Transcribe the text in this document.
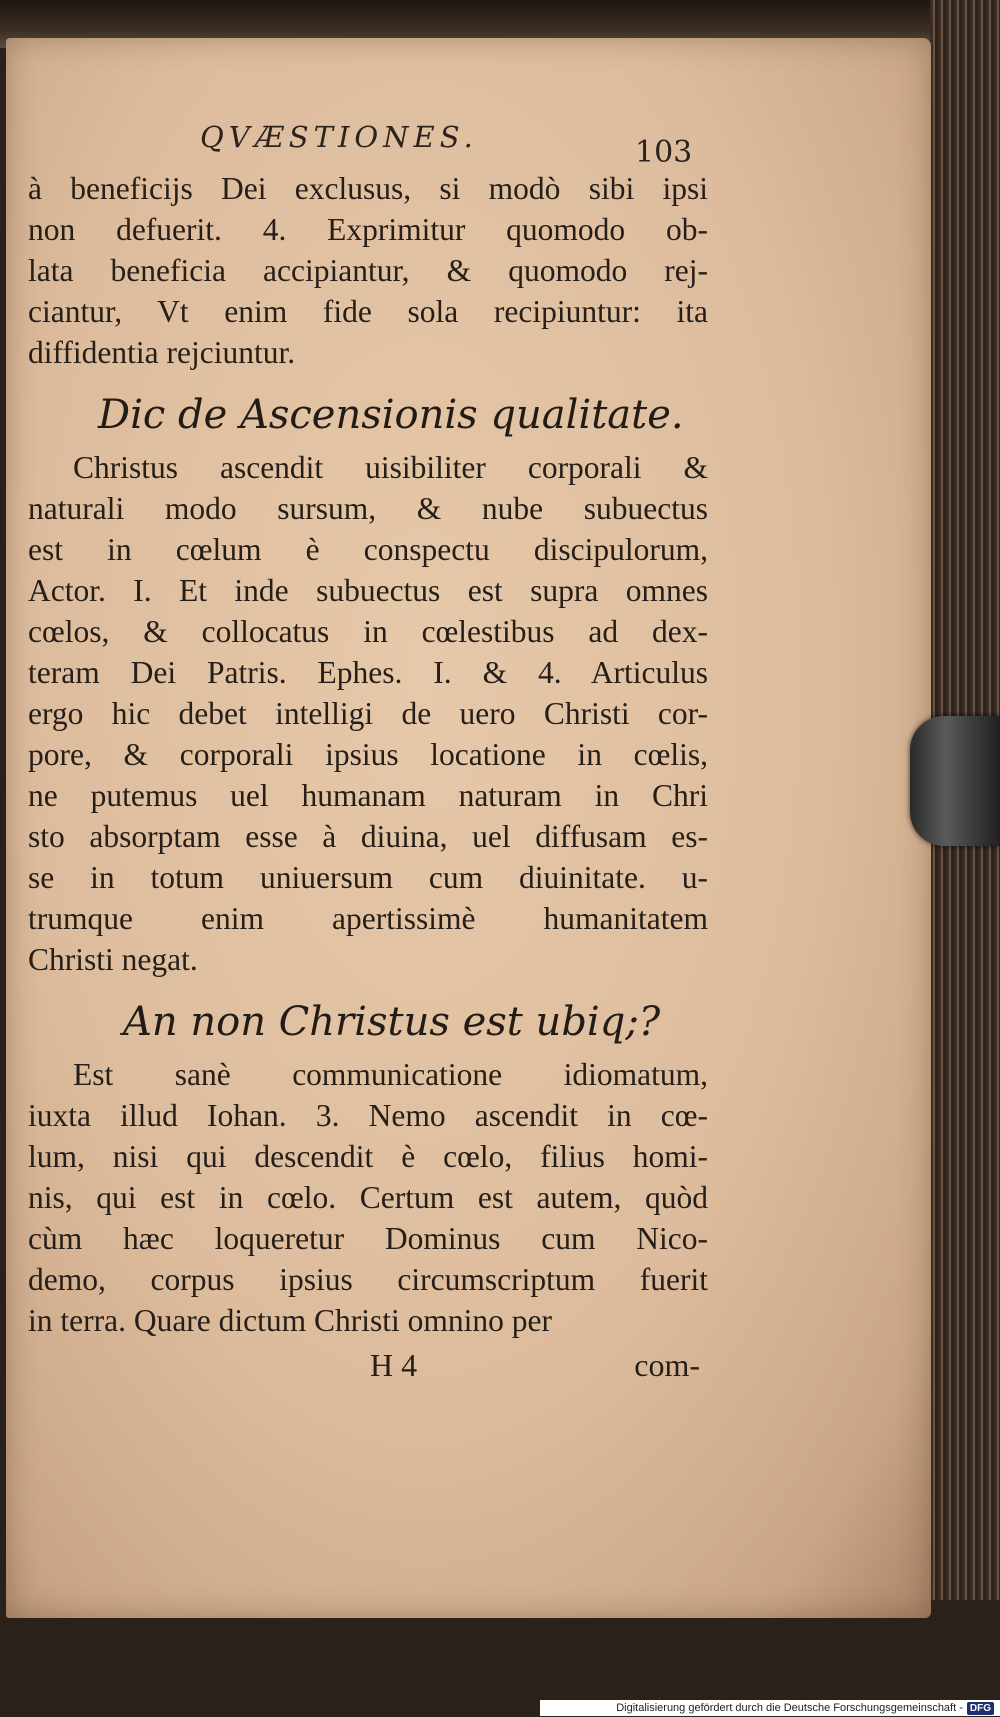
QVÆSTIONES.	103
à beneficijs Dei exclusus, si modò sibi ipsi
non defuerit. 4. Exprimitur quomodo ob-
lata beneficia accipiantur, & quomodo rej-
ciantur, Vt enim fide sola recipiuntur: ita
diffidentia rejciuntur.
Dic de Ascensionis qualitate.
Christus ascendit uisibiliter corporali &
naturali modo sursum, & nube subuectus
est in cœlum è conspectu discipulorum,
Actor. I. Et inde subuectus est supra omnes
cœlos, & collocatus in cœlestibus ad dex-
teram Dei Patris. Ephes. I. & 4. Articulus
ergo hic debet intelligi de uero Christi cor-
pore, & corporali ipsius locatione in cœlis,
ne putemus uel humanam naturam in Chri
sto absorptam esse à diuina, uel diffusam es-
se in totum uniuersum cum diuinitate. u-
trumque enim apertissimè humanitatem
Christi negat.
An non Christus est ubiq;?
Est sanè communicatione idiomatum,
iuxta illud Iohan. 3. Nemo ascendit in cœ-
lum, nisi qui descendit è cœlo, filius homi-
nis, qui est in cœlo. Certum est autem, quòd
cùm hæc loqueretur Dominus cum Nico-
demo, corpus ipsius circumscriptum fuerit
in terra. Quare dictum Christi omnino per
H 4	com-
Digitalisierung gefördert durch die Deutsche Forschungsgemeinschaft - DFG
